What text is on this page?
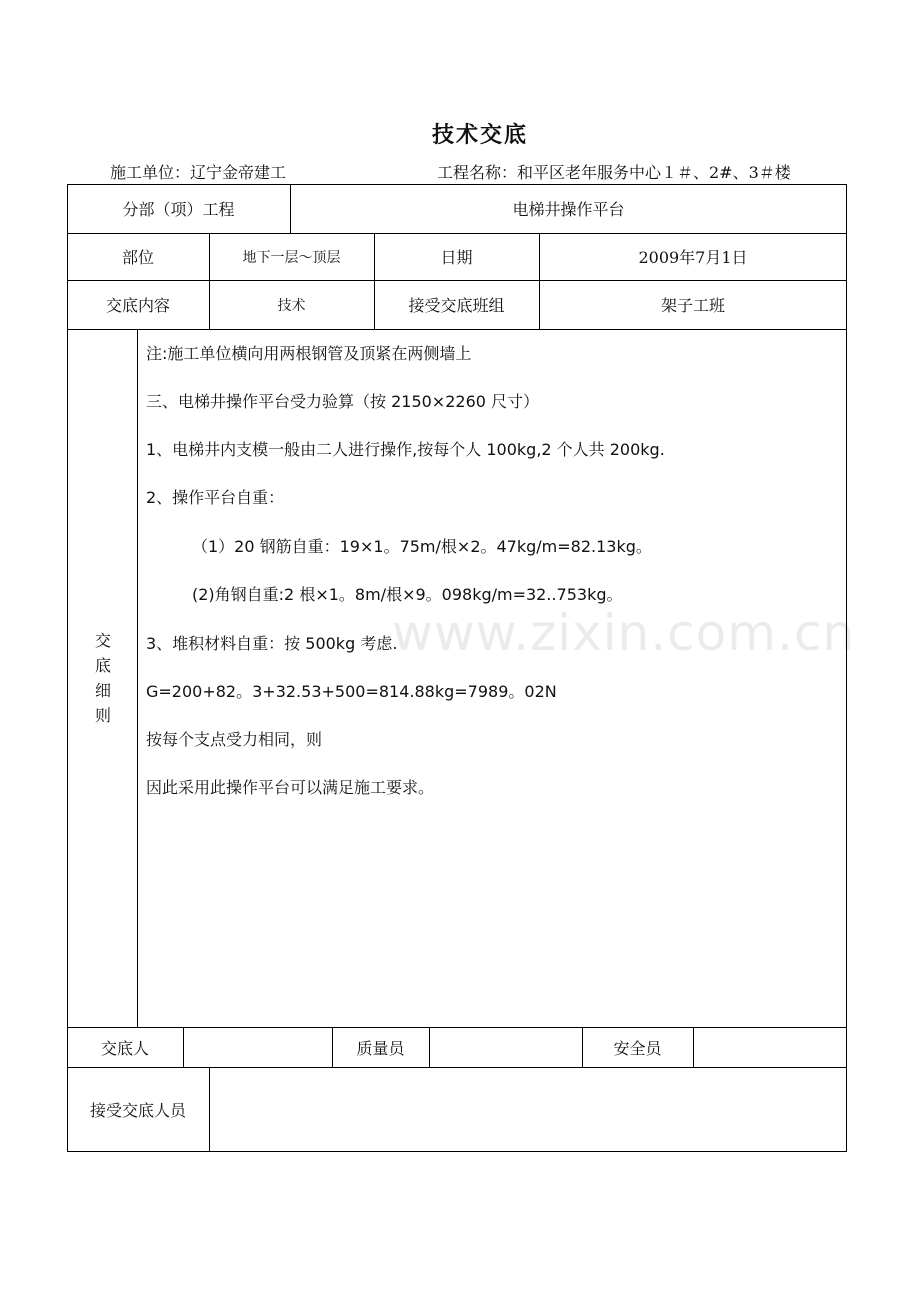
技术交底
施工单位：辽宁金帝建工	工程名称：和平区老年服务中心１＃、2#、3＃楼
分部（项）工程	电梯井操作平台
部位	地下一层～顶层	日期	2009年7月1日
交底内容	技术	接受交底班组	架子工班
交
底
细
则
注:施工单位横向用两根钢管及顶紧在两侧墙上
三、电梯井操作平台受力验算（按 2150×2260 尺寸）
1、电梯井内支模一般由二人进行操作,按每个人 100kg,2 个人共 200kg.
2、操作平台自重：
（1）20 钢筋自重：19×1。75m/根×2。47kg/m=82.13kg。
(2)角钢自重:2 根×1。8m/根×9。098kg/m=32..753kg。
3、堆积材料自重：按 500kg 考虑.
G=200+82。3+32.53+500=814.88kg=7989。02N
按每个支点受力相同，则
因此采用此操作平台可以满足施工要求。
www.zixin.com.cn
交底人	质量员	安全员
接受交底人员
